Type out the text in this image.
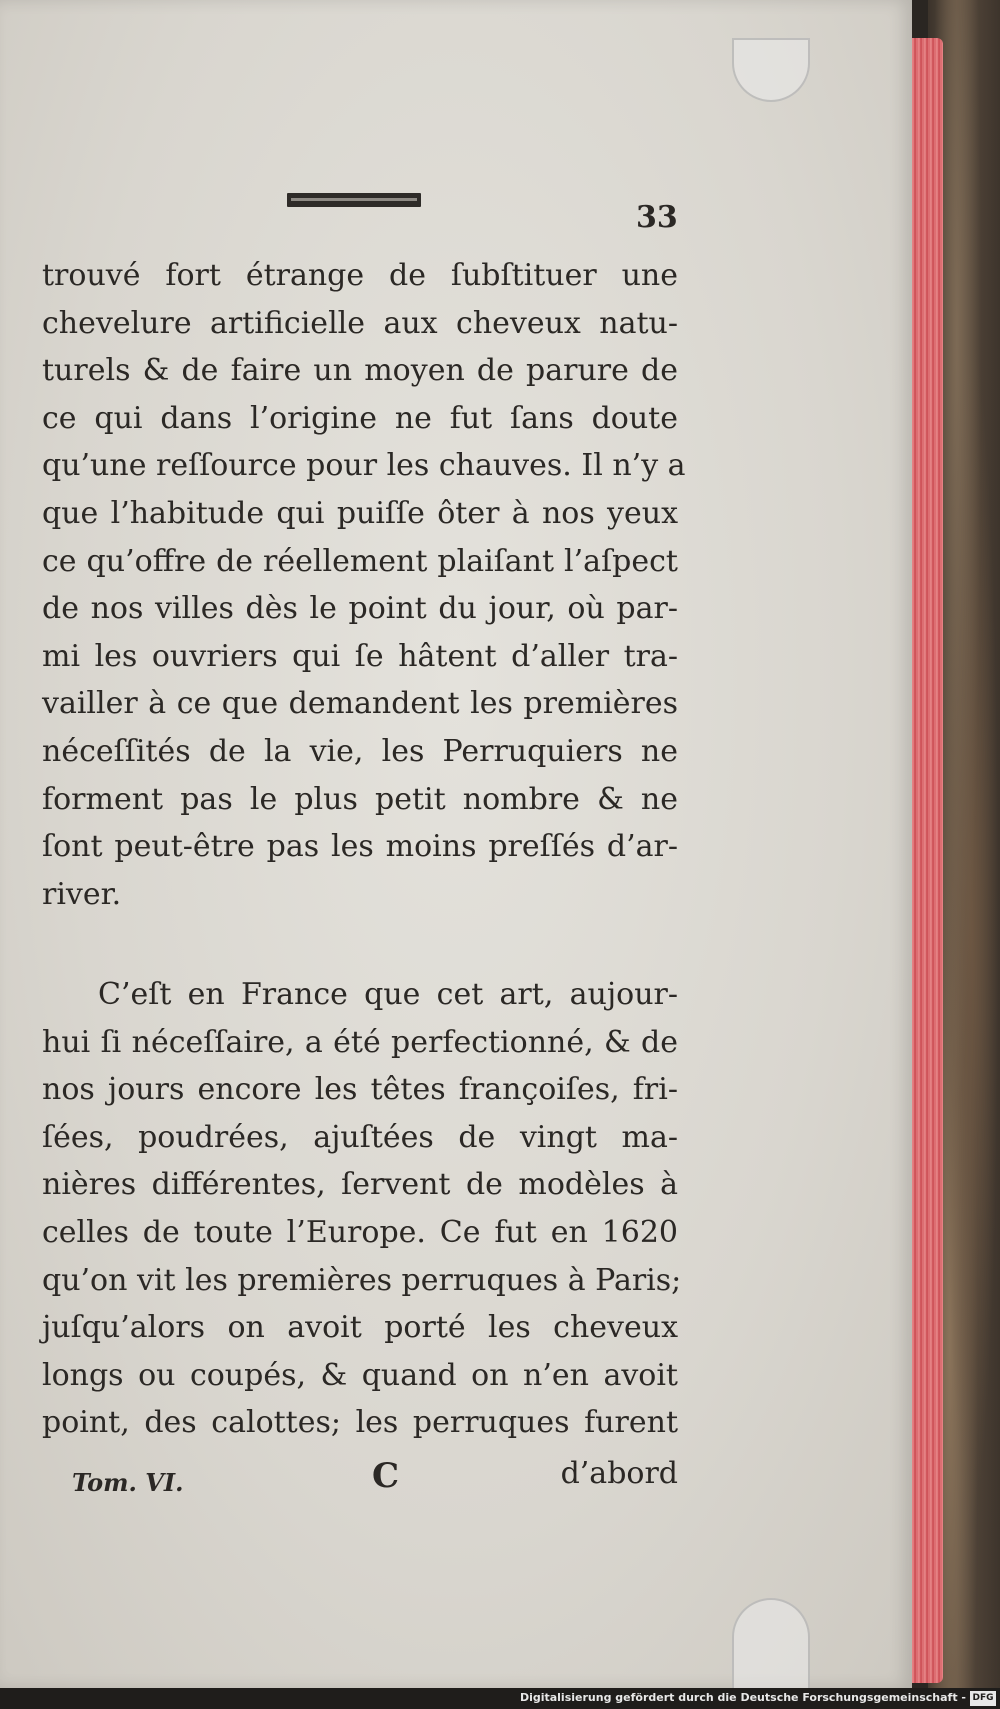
33
trouvé fort étrange de ſubſtituer une
chevelure artificielle aux cheveux natu-
turels & de faire un moyen de parure de
ce qui dans l’origine ne fut ſans doute
qu’une reſſource pour les chauves. Il n’y a
que l’habitude qui puiſſe ôter à nos yeux
ce qu’offre de réellement plaiſant l’aſpect
de nos villes dès le point du jour, où par-
mi les ouvriers qui ſe hâtent d’aller tra-
vailler à ce que demandent les premières
néceſſités de la vie, les Perruquiers ne
forment pas le plus petit nombre & ne
ſont peut-être pas les moins preſſés d’ar-
river.
C’eſt en France que cet art, aujour-
hui ſi néceſſaire, a été perfectionné, & de
nos jours encore les têtes françoiſes, fri-
ſées, poudrées, ajuſtées de vingt ma-
nières différentes, ſervent de modèles à
celles de toute l’Europe. Ce fut en 1620
qu’on vit les premières perruques à Paris;
juſqu’alors on avoit porté les cheveux
longs ou coupés, & quand on n’en avoit
point, des calottes; les perruques furent
Tom. VI.	C	d’abord
Digitalisierung gefördert durch die Deutsche Forschungsgemeinschaft - DFG
